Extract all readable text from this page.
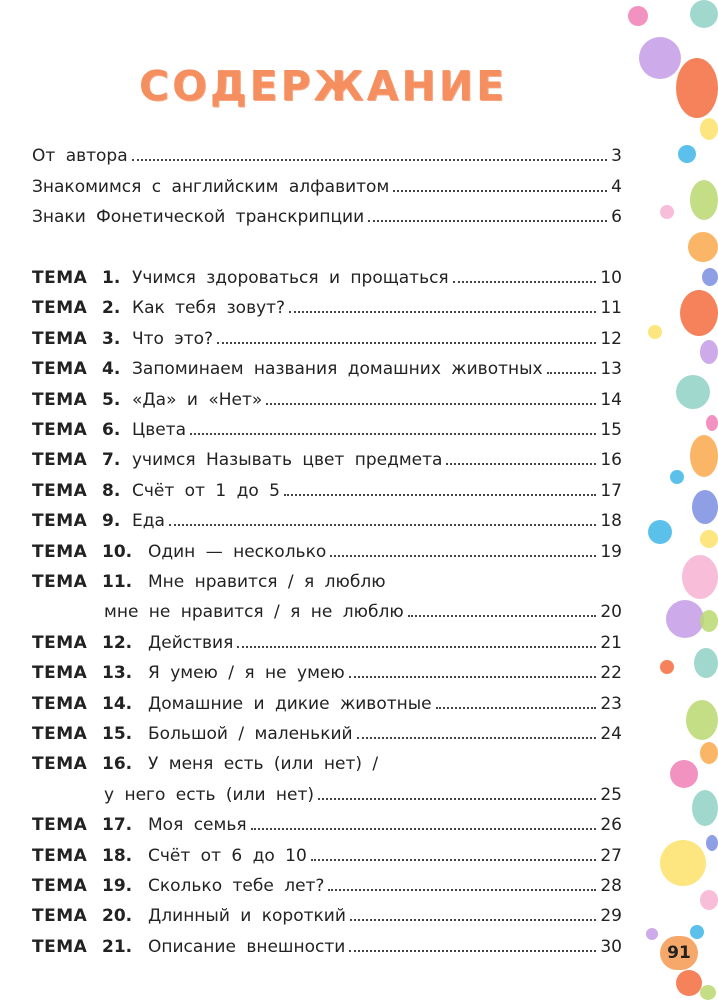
СОДЕРЖАНИЕ
От автора	3
Знакомимся с английским алфавитом	4
Знаки Фонетической транскрипции	6
ТЕМА 1. Учимся здороваться и прощаться	10
ТЕМА 2. Как тебя зовут?	11
ТЕМА 3. Что это?	12
ТЕМА 4. Запоминаем названия домашних животных	13
ТЕМА 5. «Да» и «Нет»	14
ТЕМА 6. Цвета	15
ТЕМА 7. учимся Называть цвет предмета	16
ТЕМА 8. Счёт от 1 до 5	17
ТЕМА 9. Еда	18
ТЕМА 10. Один — несколько	19
ТЕМА 11. Мне нравится / я люблю
мне не нравится / я не люблю	20
ТЕМА 12. Действия	21
ТЕМА 13. Я умею / я не умею	22
ТЕМА 14. Домашние и дикие животные	23
ТЕМА 15. Большой / маленький	24
ТЕМА 16. У меня есть (или нет) /
у него есть (или нет)	25
ТЕМА 17. Моя семья	26
ТЕМА 18. Счёт от 6 до 10	27
ТЕМА 19. Сколько тебе лет?	28
ТЕМА 20. Длинный и короткий	29
ТЕМА 21. Описание внешности	30	91
